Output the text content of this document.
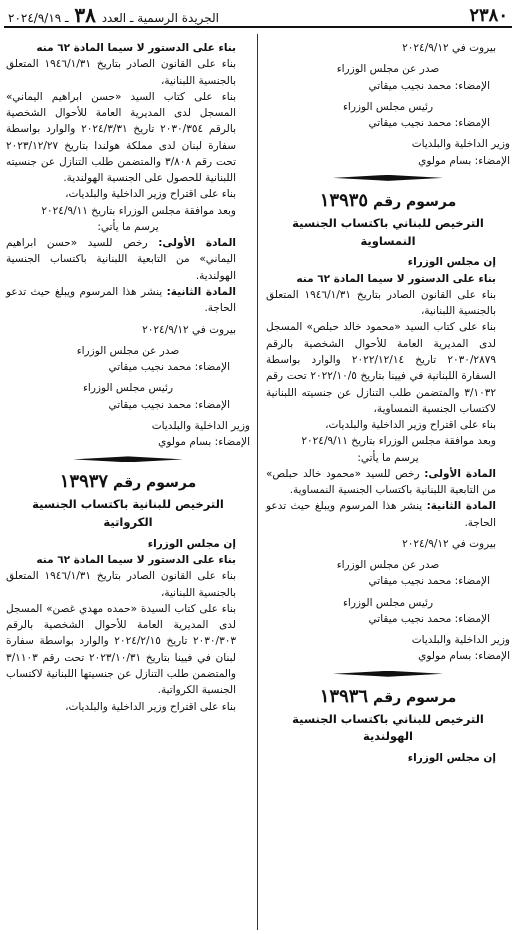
٢٣٨٠
الجريدة الرسمية ـ العدد ٣٨ ـ ٢٠٢٤/٩/١٩

بيروت في ٢٠٢٤/٩/١٢

صدر عن مجلس الوزراء

الإمضاء: محمد نجيب ميقاتي

رئيس مجلس الوزراء

الإمضاء: محمد نجيب ميقاتي

وزير الداخلية والبلديات

الإمضاء: بسام مولوي

مرسوم رقم ١٣٩٣٥

الترخيص للبناني باكتساب الجنسية النمساوية

إن مجلس الوزراء

بناء على الدستور لا سيما المادة ٦٢ منه

بناء على القانون الصادر بتاريخ ١٩٤٦/١/٣١ المتعلق بالجنسية اللبنانية،

بناء على كتاب السيد «محمود خالد حبلص» المسجل لدى المديرية العامة للأحوال الشخصية بالرقم ٢٠٣٠/٢٨٧٩ تاريخ ٢٠٢٢/١٢/١٤ والوارد بواسطة السفارة اللبنانية في فيينا بتاريخ ٢٠٢٢/١٠/٥ تحت رقم ٣/١٠٣٢ والمتضمن طلب التنازل عن جنسيته اللبنانية لاكتساب الجنسية النمساوية،

بناء على اقتراح وزير الداخلية والبلديات،

وبعد موافقة مجلس الوزراء بتاريخ ٢٠٢٤/٩/١١

يرسم ما يأتي:

المادة الأولى: رخص للسيد «محمود خالد حبلص» من التابعية اللبنانية باكتساب الجنسية النمساوية.

المادة الثانية: ينشر هذا المرسوم ويبلغ حيث تدعو الحاجة.

بيروت في ٢٠٢٤/٩/١٢

صدر عن مجلس الوزراء

الإمضاء: محمد نجيب ميقاتي

رئيس مجلس الوزراء

الإمضاء: محمد نجيب ميقاتي

وزير الداخلية والبلديات

الإمضاء: بسام مولوي

مرسوم رقم ١٣٩٣٦

الترخيص للبناني باكتساب الجنسية الهولندية

إن مجلس الوزراء

بناء على الدستور لا سيما المادة ٦٢ منه

بناء على القانون الصادر بتاريخ ١٩٤٦/١/٣١ المتعلق بالجنسية اللبنانية،

بناء على كتاب السيد «حسن ابراهيم اليماني» المسجل لدى المديرية العامة للأحوال الشخصية بالرقم ٢٠٣٠/٣٥٤ تاريخ ٢٠٢٤/٣/٣١ والوارد بواسطة سفارة لبنان لدى مملكة هولندا بتاريخ ٢٠٢٣/١٢/٢٧ تحت رقم ٣/٨٠٨ والمتضمن طلب التنازل عن جنسيته اللبنانية للحصول على الجنسية الهولندية.

بناء على اقتراح وزير الداخلية والبلديات،

وبعد موافقة مجلس الوزراء بتاريخ ٢٠٢٤/٩/١١

يرسم ما يأتي:

المادة الأولى: رخص للسيد «حسن ابراهيم اليماني» من التابعية اللبنانية باكتساب الجنسية الهولندية.

المادة الثانية: ينشر هذا المرسوم ويبلغ حيث تدعو الحاجة.

بيروت في ٢٠٢٤/٩/١٢

صدر عن مجلس الوزراء

الإمضاء: محمد نجيب ميقاتي

رئيس مجلس الوزراء

الإمضاء: محمد نجيب ميقاتي

وزير الداخلية والبلديات

الإمضاء: بسام مولوي

مرسوم رقم ١٣٩٣٧

الترخيص للبنانية باكتساب الجنسية الكرواتية

إن مجلس الوزراء

بناء على الدستور لا سيما المادة ٦٢ منه

بناء على القانون الصادر بتاريخ ١٩٤٦/١/٣١ المتعلق بالجنسية اللبنانية،

بناء على كتاب السيدة «حمده مهدي غصن» المسجل لدى المديرية العامة للأحوال الشخصية بالرقم ٢٠٣٠/٣٠٣ تاريخ ٢٠٢٤/٢/١٥ والوارد بواسطة سفارة لبنان في فيينا بتاريخ ٢٠٢٣/١٠/٣١ تحت رقم ٣/١١٠٣ والمتضمن طلب التنازل عن جنسيتها اللبنانية لاكتساب الجنسية الكرواتية.

بناء على اقتراح وزير الداخلية والبلديات،
